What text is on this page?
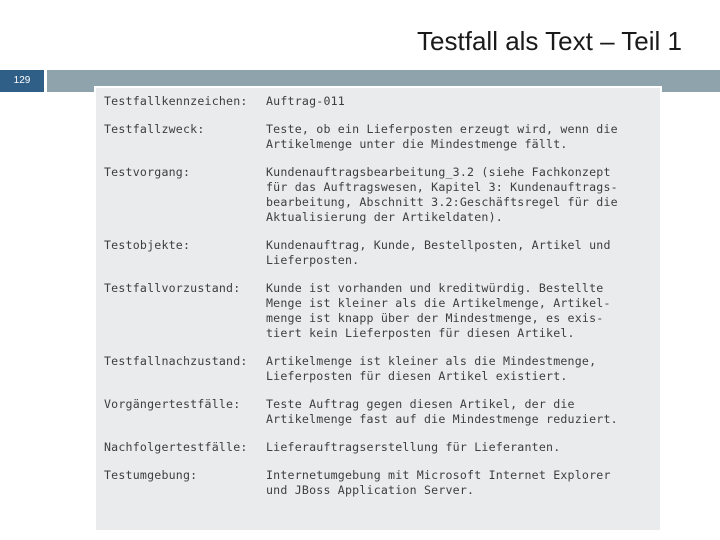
Testfall als Text – Teil 1
129
Testfallkennzeichen:	Auftrag-011
Testfallzweck:	Teste, ob ein Lieferposten erzeugt wird, wenn die
Artikelmenge unter die Mindestmenge fällt.
Testvorgang:	Kundenauftragsbearbeitung_3.2 (siehe Fachkonzept
für das Auftragswesen, Kapitel 3: Kundenauftrags-
bearbeitung, Abschnitt 3.2:Geschäftsregel für die
Aktualisierung der Artikeldaten).
Testobjekte:	Kundenauftrag, Kunde, Bestellposten, Artikel und
Lieferposten.
Testfallvorzustand:	Kunde ist vorhanden und kreditwürdig. Bestellte
Menge ist kleiner als die Artikelmenge, Artikel-
menge ist knapp über der Mindestmenge, es exis-
tiert kein Lieferposten für diesen Artikel.
Testfallnachzustand:	Artikelmenge ist kleiner als die Mindestmenge,
Lieferposten für diesen Artikel existiert.
Vorgängertestfälle:	Teste Auftrag gegen diesen Artikel, der die
Artikelmenge fast auf die Mindestmenge reduziert.
Nachfolgertestfälle:	Lieferauftragserstellung für Lieferanten.
Testumgebung:	Internetumgebung mit Microsoft Internet Explorer
und JBoss Application Server.
